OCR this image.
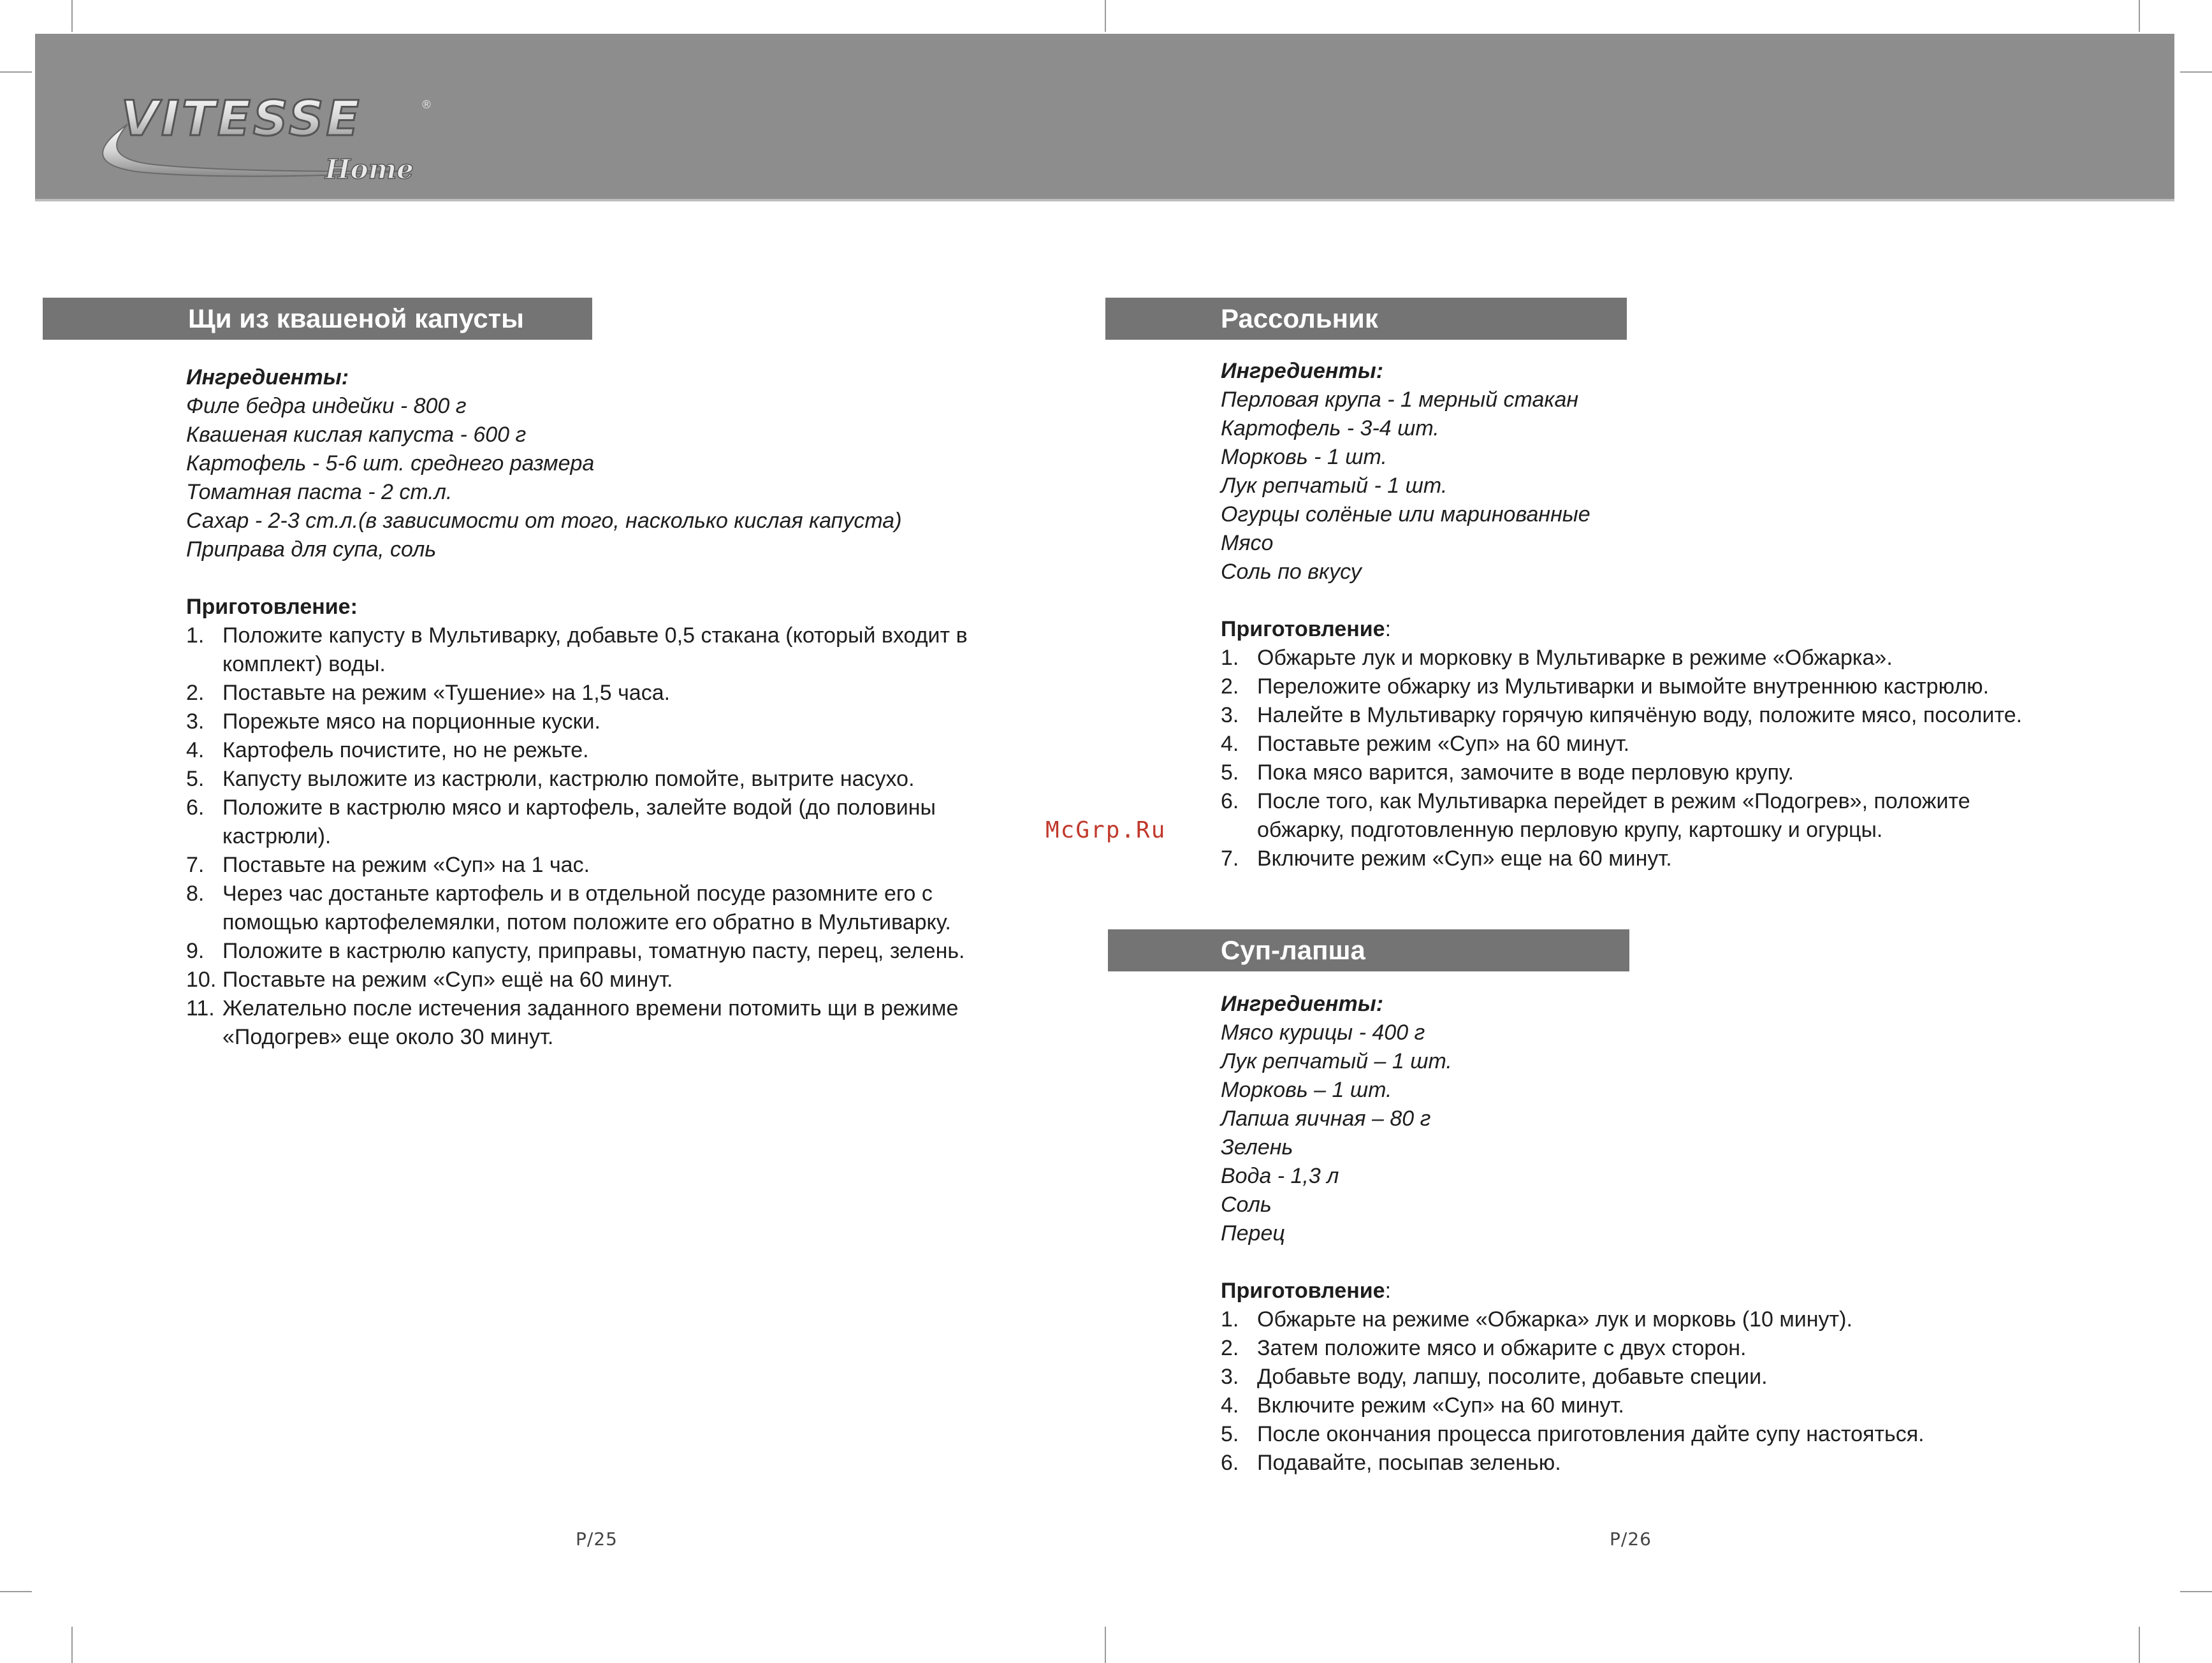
VITESSE
Home
®
Щи из квашеной капусты
Ингредиенты:
Филе бедра индейки - 800 г
Квашеная кислая капуста - 600 г
Картофель - 5-6 шт. среднего размера
Томатная паста - 2 ст.л.
Сахар - 2-3 ст.л.(в зависимости от того, насколько кислая капуста)
Приправа для супа, соль
Приготовление:
1. Положите капусту в Мультиварку, добавьте 0,5 стакана (который входит в
комплект) воды.
2. Поставьте на режим «Тушение» на 1,5 часа.
3. Порежьте мясо на порционные куски.
4. Картофель почистите, но не режьте.
5. Капусту выложите из кастрюли, кастрюлю помойте, вытрите насухо.
6. Положите в кастрюлю мясо и картофель, залейте водой (до половины
кастрюли).
7. Поставьте на режим «Суп» на 1 час.
8. Через час достаньте картофель и в отдельной посуде разомните его с
помощью картофелемялки, потом положите его обратно в Мультиварку.
9. Положите в кастрюлю капусту, приправы, томатную пасту, перец, зелень.
10. Поставьте на режим «Суп» ещё на 60 минут.
11. Желательно после истечения заданного времени потомить щи в режиме
«Подогрев» еще около 30 минут.
McGrp.Ru
Рассольник
Ингредиенты:
Перловая крупа - 1 мерный стакан
Картофель - 3-4 шт.
Морковь - 1 шт.
Лук репчатый - 1 шт.
Огурцы солёные или маринованные
Мясо
Соль по вкусу
Приготовление:
1. Обжарьте лук и морковку в Мультиварке в режиме «Обжарка».
2. Переложите обжарку из Мультиварки и вымойте внутреннюю кастрюлю.
3. Налейте в Мультиварку горячую кипячёную воду, положите мясо, посолите.
4. Поставьте режим «Суп» на 60 минут.
5. Пока мясо варится, замочите в воде перловую крупу.
6. После того, как Мультиварка перейдет в режим «Подогрев», положите
обжарку, подготовленную перловую крупу, картошку и огурцы.
7. Включите режим «Суп» еще на 60 минут.
Суп-лапша
Ингредиенты:
Мясо курицы - 400 г
Лук репчатый – 1 шт.
Морковь – 1 шт.
Лапша яичная – 80 г
Зелень
Вода - 1,3 л
Соль
Перец
Приготовление:
1. Обжарьте на режиме «Обжарка» лук и морковь (10 минут).
2. Затем положите мясо и обжарите с двух сторон.
3. Добавьте воду, лапшу, посолите, добавьте специи.
4. Включите режим «Суп» на 60 минут.
5. После окончания процесса приготовления дайте супу настояться.
6. Подавайте, посыпав зеленью.
P/25	P/26
